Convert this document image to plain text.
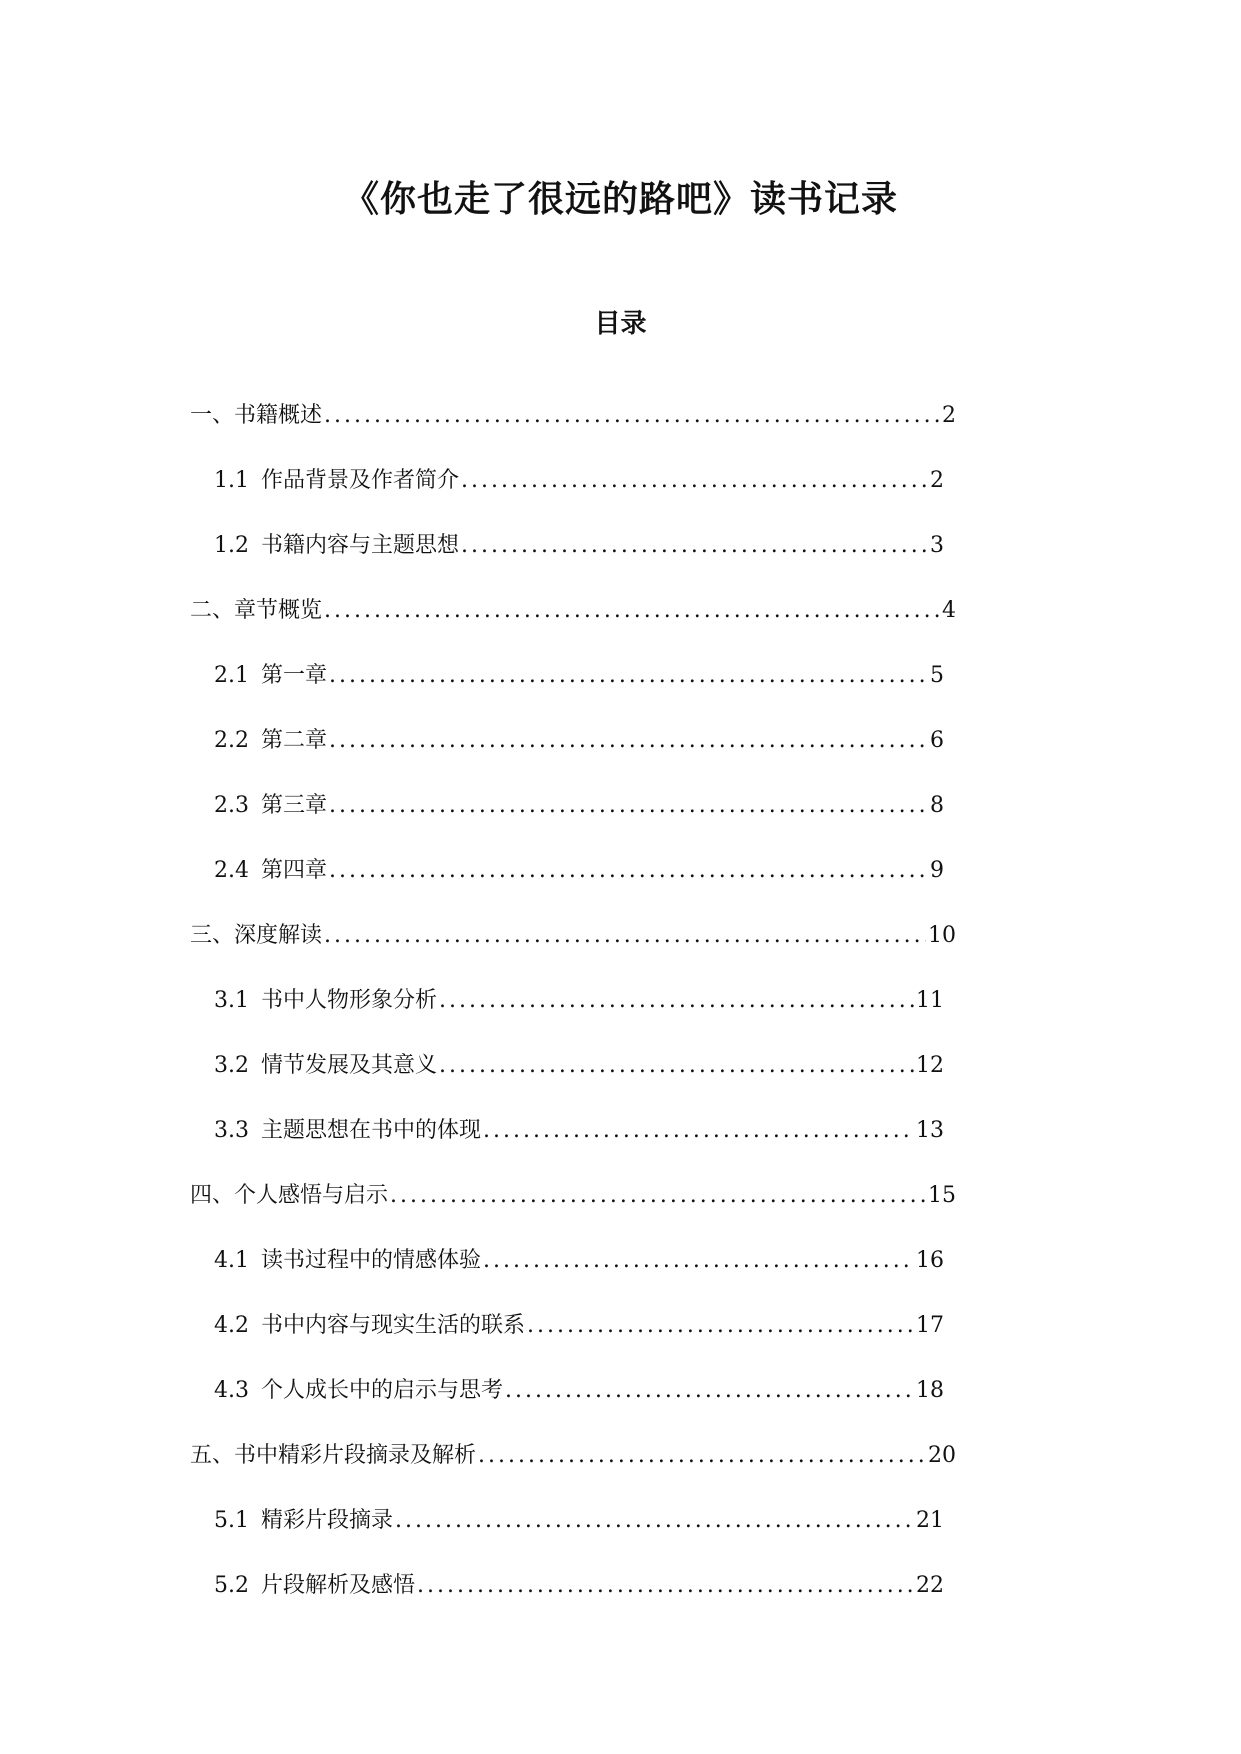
《你也走了很远的路吧》读书记录
目录
一、书籍概述 .....	2
1.1 作品背景及作者简介 .....	2
1.2 书籍内容与主题思想 .....	3
二、章节概览 .....	4
2.1 第一章 .....	5
2.2 第二章 .....	6
2.3 第三章 .....	8
2.4 第四章 .....	9
三、深度解读 .....	10
3.1 书中人物形象分析 .....	11
3.2 情节发展及其意义 .....	12
3.3 主题思想在书中的体现 .....	13
四、个人感悟与启示 .....	15
4.1 读书过程中的情感体验 .....	16
4.2 书中内容与现实生活的联系 .....	17
4.3 个人成长中的启示与思考 .....	18
五、书中精彩片段摘录及解析 .....	20
5.1 精彩片段摘录 .....	21
5.2 片段解析及感悟 .....	22
